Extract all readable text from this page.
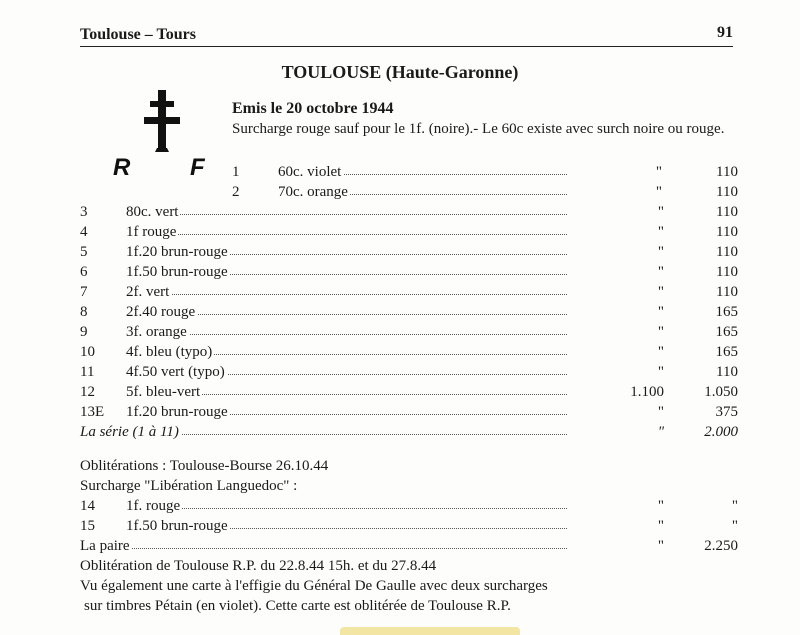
Toulouse – Tours	91
TOULOUSE (Haute-Garonne)
R F
Emis le 20 octobre 1944
Surcharge rouge sauf pour le 1f. (noire).- Le 60c existe avec surch noire ou rouge.
1	60c. violet	"	110
2	70c. orange	"	110
3	80c. vert	"	110
4	1f rouge	"	110
5	1f.20 brun-rouge	"	110
6	1f.50 brun-rouge	"	110
7	2f. vert	"	110
8	2f.40 rouge	"	165
9	3f. orange	"	165
10 4f. bleu (typo)	"	165
11 4f.50 vert (typo)	"	110
12 5f. bleu-vert	1.100	1.050
13E 1f.20 brun-rouge	"	375
La série (1 à 11)	"	2.000
Oblitérations : Toulouse-Bourse 26.10.44
Surcharge "Libération Languedoc" :
14 1f. rouge	"	"
15 1f.50 brun-rouge	"	"
La paire	"	2.250
Oblitération de Toulouse R.P. du 22.8.44 15h. et du 27.8.44
Vu également une carte à l'effigie du Général De Gaulle avec deux surcharges
sur timbres Pétain (en violet). Cette carte est oblitérée de Toulouse R.P.
